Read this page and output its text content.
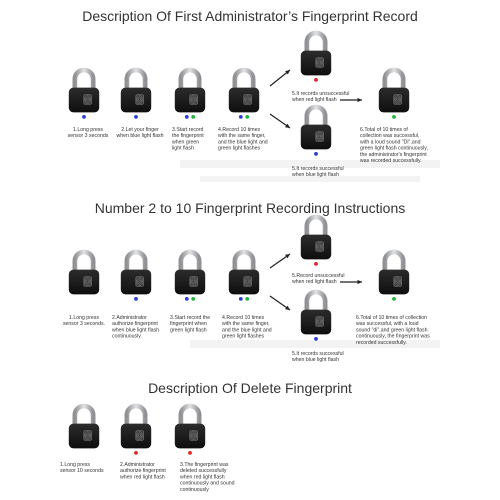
Description Of First Administrator’s Fingerprint Record
Number 2 to 10 Fingerprint Recording Instructions
Description Of Delete Fingerprint
1.Long press sensor 3 seconds
2.Let your finger when blue light flash
3.Start record the fingerprint when green light flash
4.Record 10 times with the same finger, and the blue light and green light flashes
5.It records unsuccessful when red light flash
5.It records successful when blue light flash
6.Total of 10 times of collection was successful, with a loud sound "Di",and green light flash continuously, the administrator's fingerprint was recorded successfully.
1.Long press sensor 3 seconds.
2.Administrator authorize fingerprint when blue light flash continuously.
3.Start record the fingerprint when green light flash
4.Record 10 times with the same finger, and the blue light and green light flashes
5.Record unsuccessful when red light flash
5.It records successful when blue light flash
6.Total of 10 times of collection was successful, with a loud sound "di",and green light flash continuously, the fingerprint was recorded successfully.
1.Long press sensor 10 seconds
2.Administrator authorize fingerprint when red light flash
3.The fingerprint was deleted successfully when red light flash continuously and sound continuously
